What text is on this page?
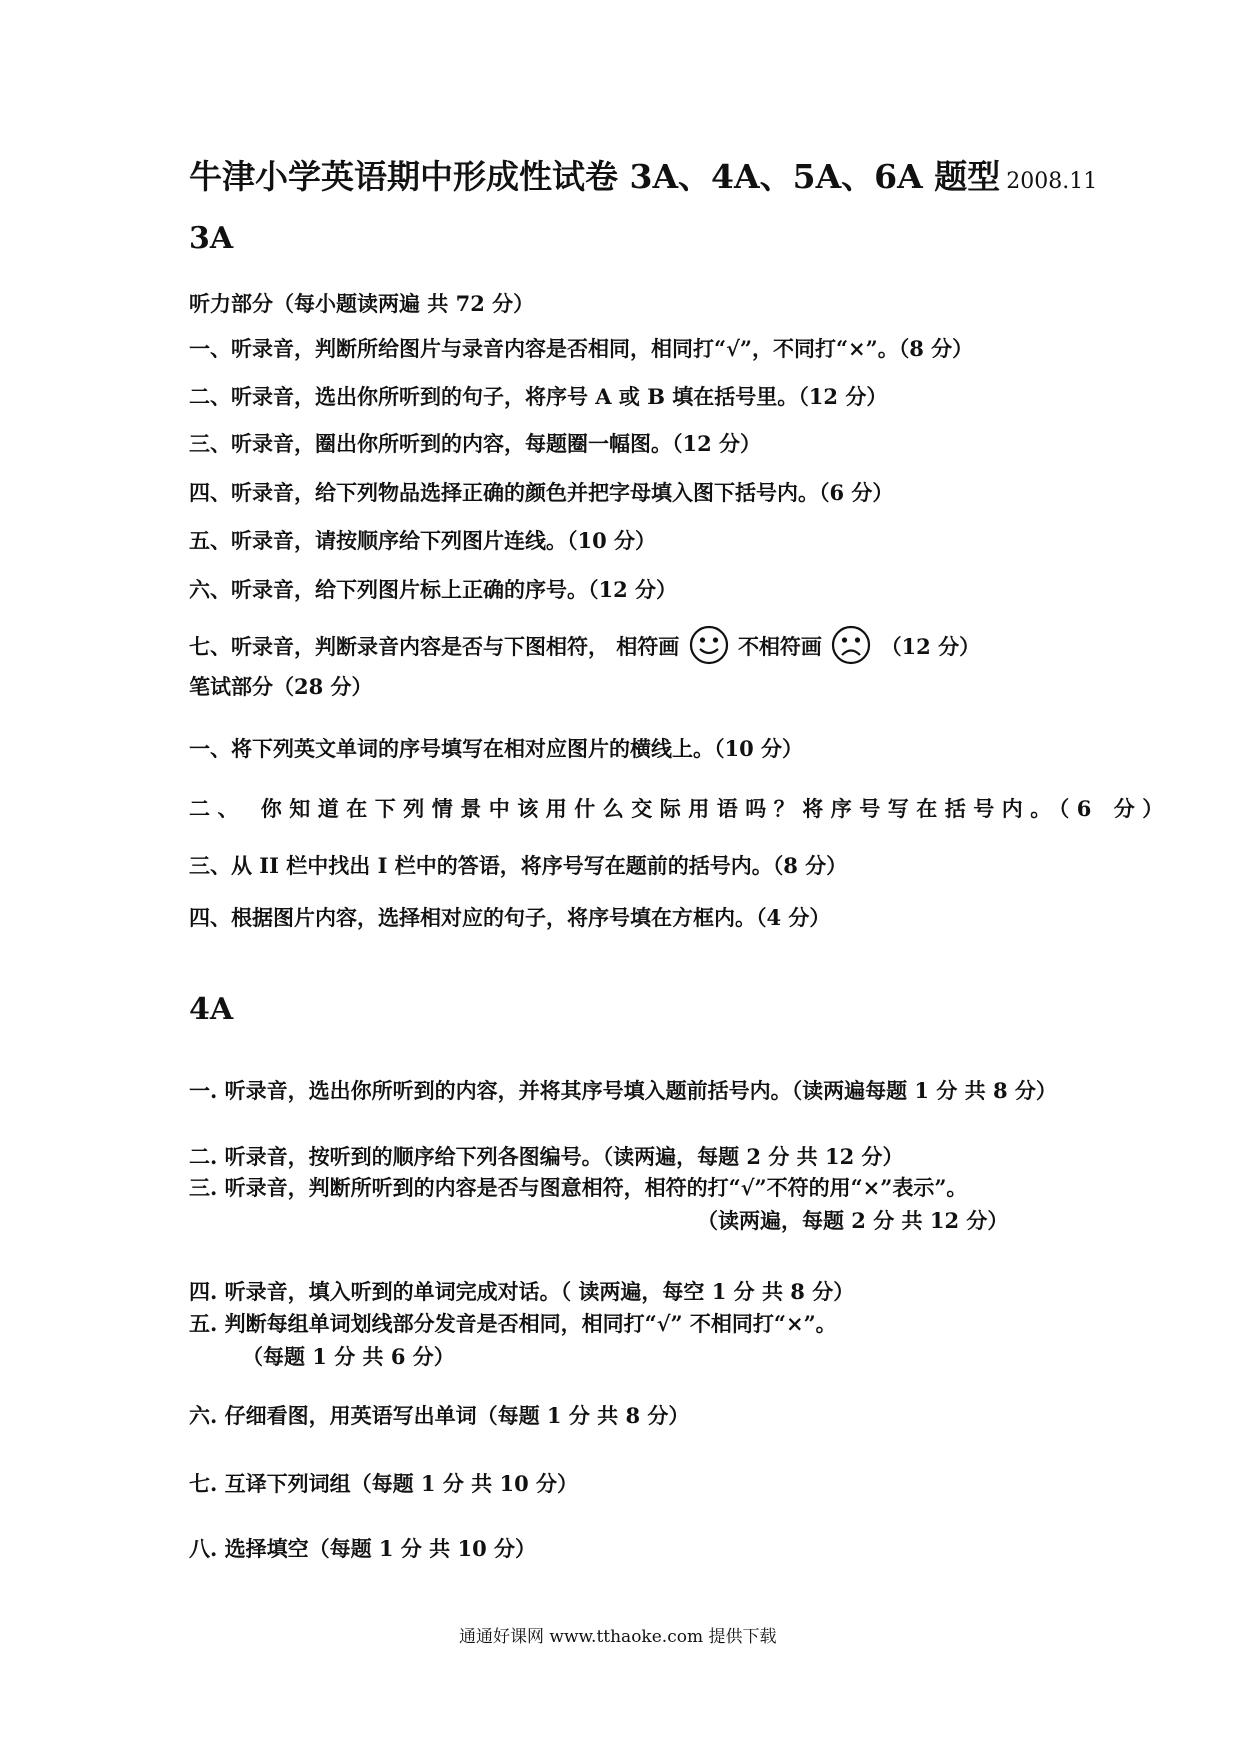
牛津小学英语期中形成性试卷 3A、4A、5A、6A 题型 2008.11
3A
听力部分（每小题读两遍 共 72 分）
一、听录音，判断所给图片与录音内容是否相同，相同打“√”，不同打“×”。（8 分）
二、听录音，选出你所听到的句子，将序号 A 或 B 填在括号里。（12 分）
三、听录音，圈出你所听到的内容，每题圈一幅图。（12 分）
四、听录音，给下列物品选择正确的颜色并把字母填入图下括号内。（6 分）
五、听录音，请按顺序给下列图片连线。（10 分）
六、听录音，给下列图片标上正确的序号。（12 分）
七、听录音，判断录音内容是否与下图相符， 相符画	不相符画	（12 分）
笔试部分（28 分）
一、将下列英文单词的序号填写在相对应图片的横线上。（10 分）
二、 你知道在下列情景中该用什么交际用语吗？将序号写在括号内。（6 分）
三、从 II 栏中找出 I 栏中的答语，将序号写在题前的括号内。（8 分）
四、根据图片内容，选择相对应的句子，将序号填在方框内。（4 分）
4A
一. 听录音，选出你所听到的内容，并将其序号填入题前括号内。（读两遍每题 1 分 共 8 分）
二. 听录音，按听到的顺序给下列各图编号。（读两遍，每题 2 分 共 12 分）
三. 听录音，判断所听到的内容是否与图意相符，相符的打“√”不符的用“×”表示”。
（读两遍，每题 2 分 共 12 分）
四. 听录音，填入听到的单词完成对话。（ 读两遍，每空 1 分 共 8 分）
五. 判断每组单词划线部分发音是否相同，相同打“√” 不相同打“×”。
（每题 1 分 共 6 分）
六. 仔细看图，用英语写出单词（每题 1 分 共 8 分）
七. 互译下列词组（每题 1 分 共 10 分）
八. 选择填空（每题 1 分 共 10 分）
通通好课网 www.tthaoke.com 提供下载
